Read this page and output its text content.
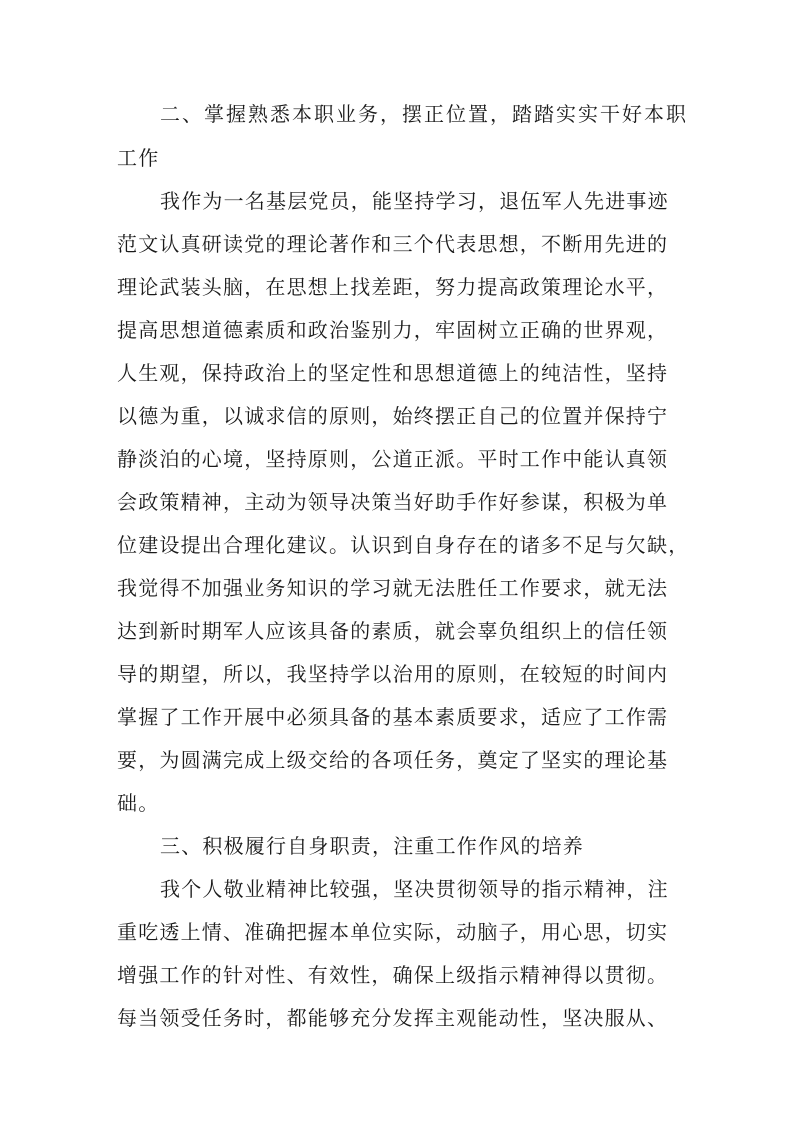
二、掌握熟悉本职业务，摆正位置，踏踏实实干好本职
工作
我作为一名基层党员，能坚持学习，退伍军人先进事迹
范文认真研读党的理论著作和三个代表思想，不断用先进的
理论武装头脑，在思想上找差距，努力提高政策理论水平，
提高思想道德素质和政治鉴别力，牢固树立正确的世界观，
人生观，保持政治上的坚定性和思想道德上的纯洁性，坚持
以德为重，以诚求信的原则，始终摆正自己的位置并保持宁
静淡泊的心境，坚持原则，公道正派。平时工作中能认真领
会政策精神，主动为领导决策当好助手作好参谋，积极为单
位建设提出合理化建议。认识到自身存在的诸多不足与欠缺，
我觉得不加强业务知识的学习就无法胜任工作要求，就无法
达到新时期军人应该具备的素质，就会辜负组织上的信任领
导的期望，所以，我坚持学以治用的原则，在较短的时间内
掌握了工作开展中必须具备的基本素质要求，适应了工作需
要，为圆满完成上级交给的各项任务，奠定了坚实的理论基
础。
三、积极履行自身职责，注重工作作风的培养
我个人敬业精神比较强，坚决贯彻领导的指示精神，注
重吃透上情、准确把握本单位实际，动脑子，用心思，切实
增强工作的针对性、有效性，确保上级指示精神得以贯彻。
每当领受任务时，都能够充分发挥主观能动性，坚决服从、
